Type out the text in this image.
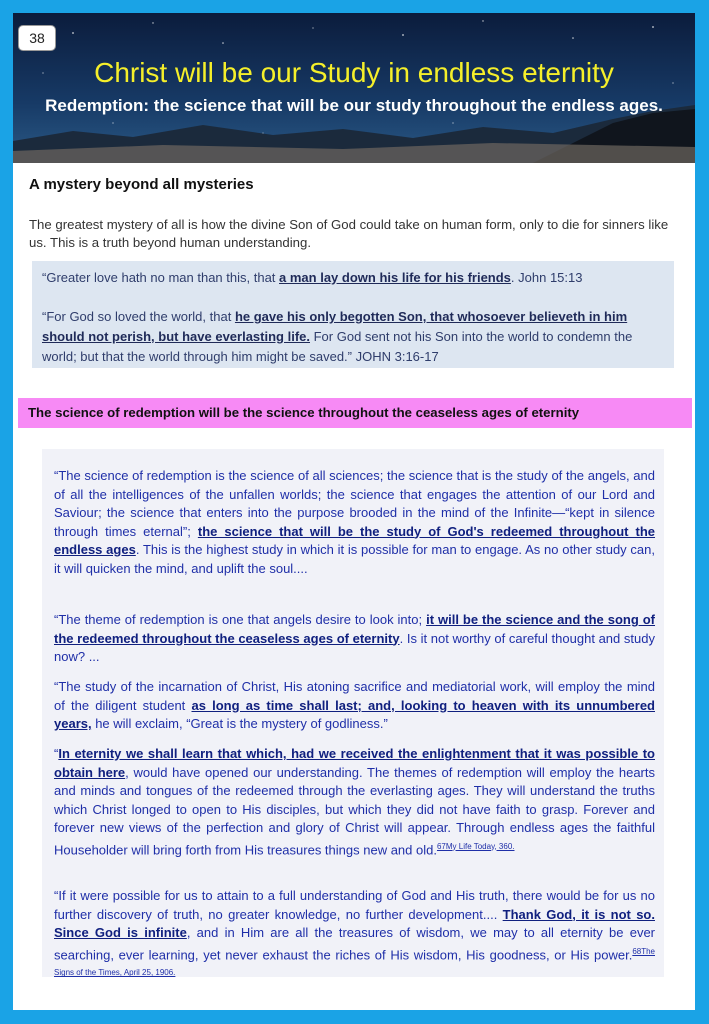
38
Christ will be our Study in endless eternity
Redemption: the science that will be our study throughout the endless ages.
A mystery beyond all mysteries
The greatest mystery of all is how the divine Son of God could take on human form, only to die for sinners like us. This is a truth beyond human understanding.

“Greater love hath no man than this, that a man lay down his life for his friends. John 15:13

“For God so loved the world, that he gave his only begotten Son, that whosoever believeth in him should not perish, but have everlasting life. For God sent not his Son into the world to condemn the world; but that the world through him might be saved.” JOHN 3:16-17

The science of redemption will be the science throughout the ceaseless ages of eternity

“The science of redemption is the science of all sciences; the science that is the study of the angels, and of all the intelligences of the unfallen worlds; the science that engages the attention of our Lord and Saviour; the science that enters into the purpose brooded in the mind of the Infinite—“kept in silence through times eternal”; the science that will be the study of God's redeemed throughout the endless ages. This is the highest study in which it is possible for man to engage. As no other study can, it will quicken the mind, and uplift the soul....

“The theme of redemption is one that angels desire to look into; it will be the science and the song of the redeemed throughout the ceaseless ages of eternity. Is it not worthy of careful thought and study now? ...

“The study of the incarnation of Christ, His atoning sacrifice and mediatorial work, will employ the mind of the diligent student as long as time shall last; and, looking to heaven with its unnumbered years, he will exclaim, “Great is the mystery of godliness.”

“In eternity we shall learn that which, had we received the enlightenment that it was possible to obtain here, would have opened our understanding. The themes of redemption will employ the hearts and minds and tongues of the redeemed through the everlasting ages. They will understand the truths which Christ longed to open to His disciples, but which they did not have faith to grasp. Forever and forever new views of the perfection and glory of Christ will appear. Through endless ages the faithful Householder will bring forth from His treasures things new and old.$^{67My Life Today, 360.}$

“If it were possible for us to attain to a full understanding of God and His truth, there would be for us no further discovery of truth, no greater knowledge, no further development.... Thank God, it is not so. Since God is infinite, and in Him are all the treasures of wisdom, we may to all eternity be ever searching, ever learning, yet never exhaust the riches of His wisdom, His goodness, or His power.$^{68The Signs of the Times, April 25, 1906.}$
